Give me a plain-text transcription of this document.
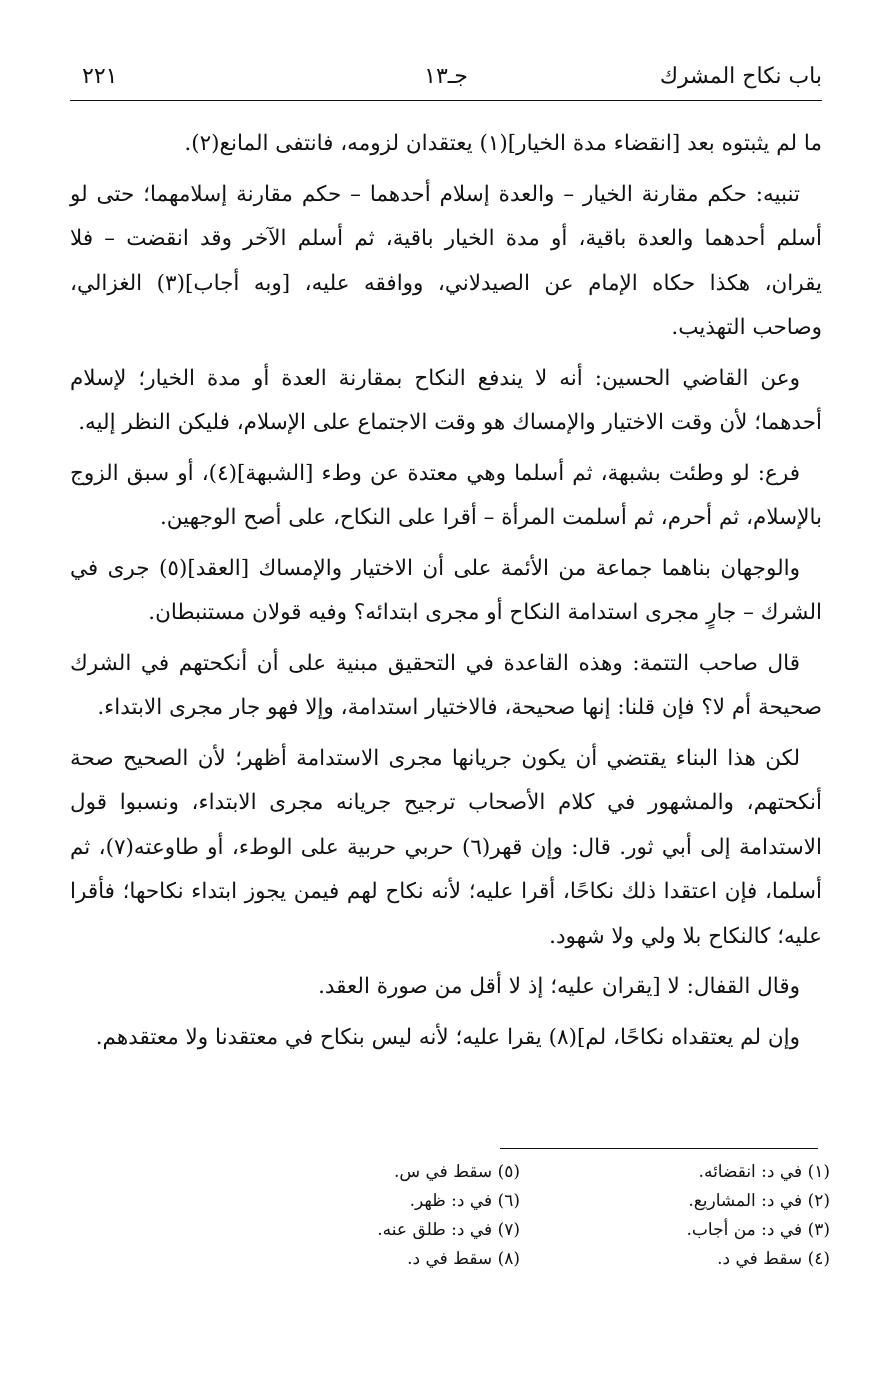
باب نكاح المشرك
جـ١٣
٢٢١

ما لم يثبتوه بعد [انقضاء مدة الخيار](١) يعتقدان لزومه، فانتفى المانع(٢).

تنبيه: حكم مقارنة الخيار – والعدة إسلام أحدهما – حكم مقارنة إسلامهما؛ حتى لو أسلم أحدهما والعدة باقية، أو مدة الخيار باقية، ثم أسلم الآخر وقد انقضت – فلا يقران، هكذا حكاه الإمام عن الصيدلاني، ووافقه عليه، [وبه أجاب](٣) الغزالي، وصاحب التهذيب.

وعن القاضي الحسين: أنه لا يندفع النكاح بمقارنة العدة أو مدة الخيار؛ لإسلام أحدهما؛ لأن وقت الاختيار والإمساك هو وقت الاجتماع على الإسلام، فليكن النظر إليه.

فرع: لو وطئت بشبهة، ثم أسلما وهي معتدة عن وطء [الشبهة](٤)، أو سبق الزوج بالإسلام، ثم أحرم، ثم أسلمت المرأة – أقرا على النكاح، على أصح الوجهين.

والوجهان بناهما جماعة من الأئمة على أن الاختيار والإمساك [العقد](٥) جرى في الشرك – جارٍ مجرى استدامة النكاح أو مجرى ابتدائه؟ وفيه قولان مستنبطان.

قال صاحب التتمة: وهذه القاعدة في التحقيق مبنية على أن أنكحتهم في الشرك صحيحة أم لا؟ فإن قلنا: إنها صحيحة، فالاختيار استدامة، وإلا فهو جار مجرى الابتداء.

لكن هذا البناء يقتضي أن يكون جريانها مجرى الاستدامة أظهر؛ لأن الصحيح صحة أنكحتهم، والمشهور في كلام الأصحاب ترجيح جريانه مجرى الابتداء، ونسبوا قول الاستدامة إلى أبي ثور. قال: وإن قهر(٦) حربي حربية على الوطء، أو طاوعته(٧)، ثم أسلما، فإن اعتقدا ذلك نكاحًا، أقرا عليه؛ لأنه نكاح لهم فيمن يجوز ابتداء نكاحها؛ فأقرا عليه؛ كالنكاح بلا ولي ولا شهود.

وقال القفال: لا [يقران عليه؛ إذ لا أقل من صورة العقد.

وإن لم يعتقداه نكاحًا، لم](٨) يقرا عليه؛ لأنه ليس بنكاح في معتقدنا ولا معتقدهم.

(١) في د: انقضائه.
(٢) في د: المشاريع.
(٣) في د: من أجاب.
(٤) سقط في د.
(٥) سقط في س.
(٦) في د: ظهر.
(٧) في د: طلق عنه.
(٨) سقط في د.
